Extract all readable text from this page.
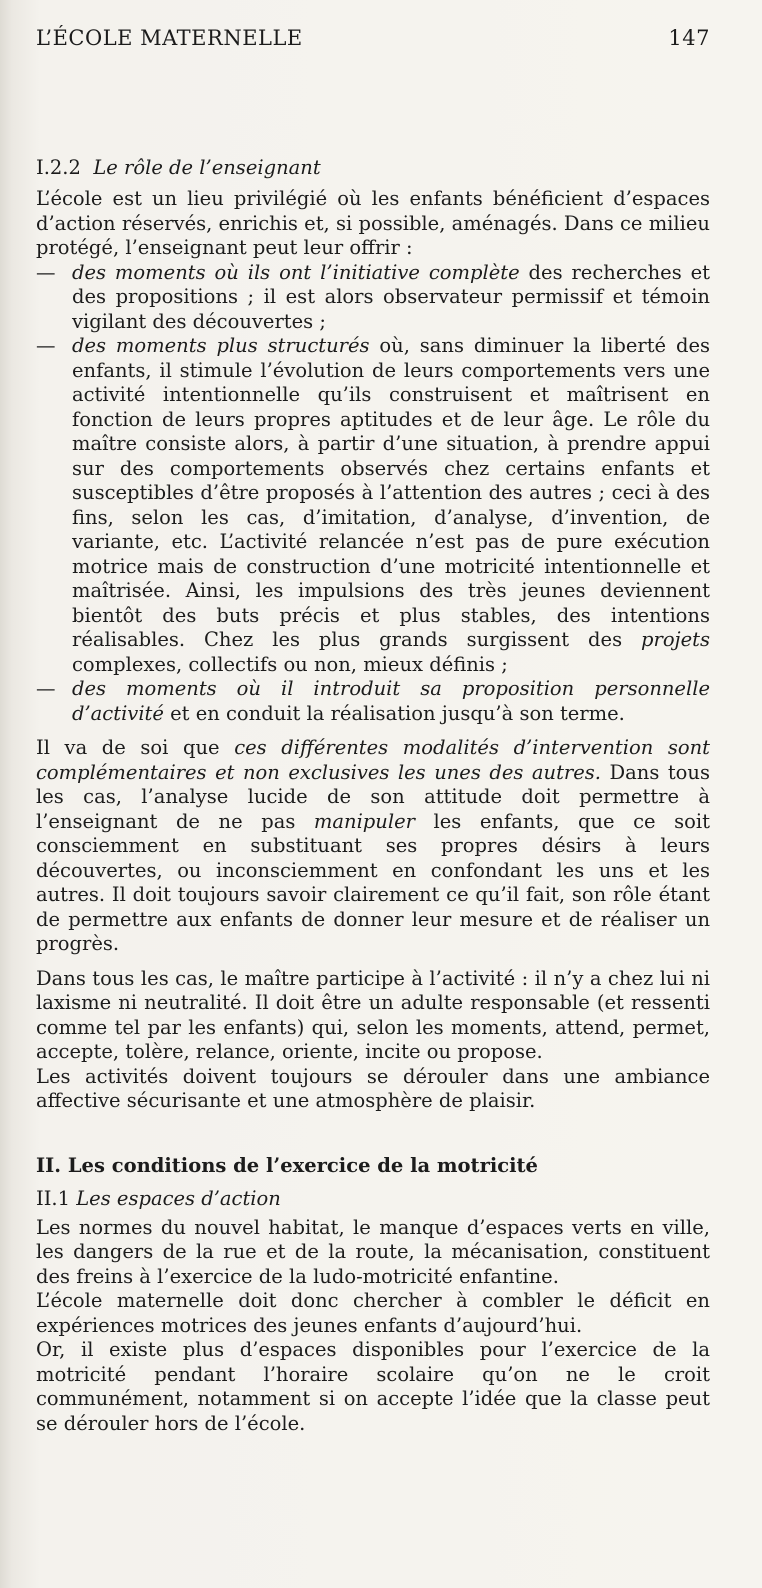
L’ÉCOLE MATERNELLE	147
I.2.2 Le rôle de l’enseignant

L’école est un lieu privilégié où les enfants bénéficient d’espaces d’action réservés, enrichis et, si possible, aménagés. Dans ce milieu protégé, l’enseignant peut leur offrir :

— des moments où ils ont l’initiative complète des recherches et des propositions ; il est alors observateur permissif et témoin vigilant des découvertes ;
— des moments plus structurés où, sans diminuer la liberté des enfants, il stimule l’évolution de leurs comportements vers une activité intentionnelle qu’ils construisent et maîtrisent en fonction de leurs propres aptitudes et de leur âge. Le rôle du maître consiste alors, à partir d’une situation, à prendre appui sur des comportements observés chez certains enfants et susceptibles d’être proposés à l’attention des autres ; ceci à des fins, selon les cas, d’imitation, d’analyse, d’invention, de variante, etc. L’activité relancée n’est pas de pure exécution motrice mais de construction d’une motricité intentionnelle et maîtrisée. Ainsi, les impulsions des très jeunes deviennent bientôt des buts précis et plus stables, des intentions réalisables. Chez les plus grands surgissent des projets complexes, collectifs ou non, mieux définis ;
— des moments où il introduit sa proposition personnelle d’activité et en conduit la réalisation jusqu’à son terme.

Il va de soi que ces différentes modalités d’intervention sont complémentaires et non exclusives les unes des autres. Dans tous les cas, l’analyse lucide de son attitude doit permettre à l’enseignant de ne pas manipuler les enfants, que ce soit consciemment en substituant ses propres désirs à leurs découvertes, ou inconsciemment en confondant les uns et les autres. Il doit toujours savoir clairement ce qu’il fait, son rôle étant de permettre aux enfants de donner leur mesure et de réaliser un progrès.

Dans tous les cas, le maître participe à l’activité : il n’y a chez lui ni laxisme ni neutralité. Il doit être un adulte responsable (et ressenti comme tel par les enfants) qui, selon les moments, attend, permet, accepte, tolère, relance, oriente, incite ou propose.

Les activités doivent toujours se dérouler dans une ambiance affective sécurisante et une atmosphère de plaisir.

II. Les conditions de l’exercice de la motricité
II.1 Les espaces d’action

Les normes du nouvel habitat, le manque d’espaces verts en ville, les dangers de la rue et de la route, la mécanisation, constituent des freins à l’exercice de la ludo-motricité enfantine.

L’école maternelle doit donc chercher à combler le déficit en expériences motrices des jeunes enfants d’aujourd’hui.

Or, il existe plus d’espaces disponibles pour l’exercice de la motricité pendant l’horaire scolaire qu’on ne le croit communément, notamment si on accepte l’idée que la classe peut se dérouler hors de l’école.
